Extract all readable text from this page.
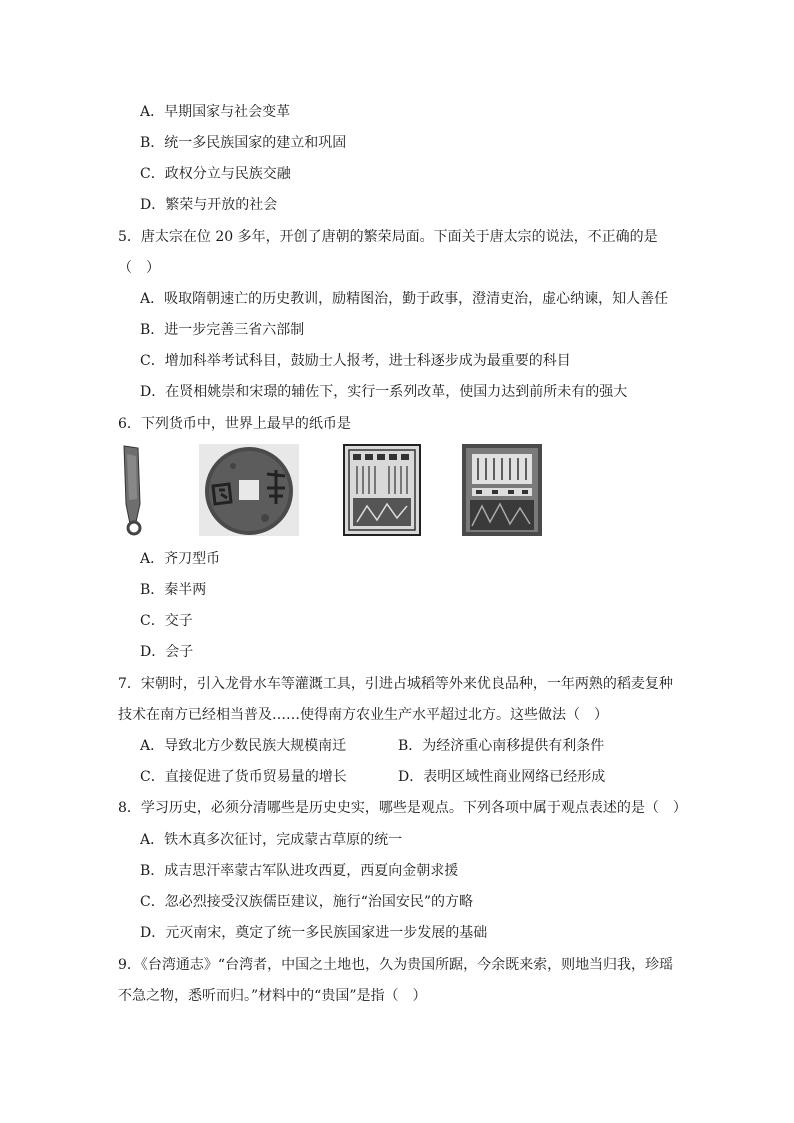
A．早期国家与社会变革
B．统一多民族国家的建立和巩固
C．政权分立与民族交融
D．繁荣与开放的社会
5．唐太宗在位 20 多年，开创了唐朝的繁荣局面。下面关于唐太宗的说法，不正确的是
（　）
A．吸取隋朝速亡的历史教训，励精图治，勤于政事，澄清吏治，虚心纳谏，知人善任
B．进一步完善三省六部制
C．增加科举考试科目，鼓励士人报考，进士科逐步成为最重要的科目
D．在贤相姚崇和宋璟的辅佐下，实行一系列改革，使国力达到前所未有的强大
6．下列货币中，世界上最早的纸币是
A．齐刀型币
B．秦半两
C．交子
D．会子
7．宋朝时，引入龙骨水车等灌溉工具，引进占城稻等外来优良品种，一年两熟的稻麦复种
技术在南方已经相当普及……使得南方农业生产水平超过北方。这些做法（　）
A．导致北方少数民族大规模南迁	B．为经济重心南移提供有利条件
C．直接促进了货币贸易量的增长	D．表明区域性商业网络已经形成
8．学习历史，必须分清哪些是历史史实，哪些是观点。下列各项中属于观点表述的是（　）
A．铁木真多次征讨，完成蒙古草原的统一
B．成吉思汗率蒙古军队进攻西夏，西夏向金朝求援
C．忽必烈接受汉族儒臣建议，施行“治国安民”的方略
D．元灭南宋，奠定了统一多民族国家进一步发展的基础
9．《台湾通志》“台湾者，中国之土地也，久为贵国所踞，今余既来索，则地当归我，珍瑶
不急之物，悉听而归。”材料中的“贵国”是指（　）
